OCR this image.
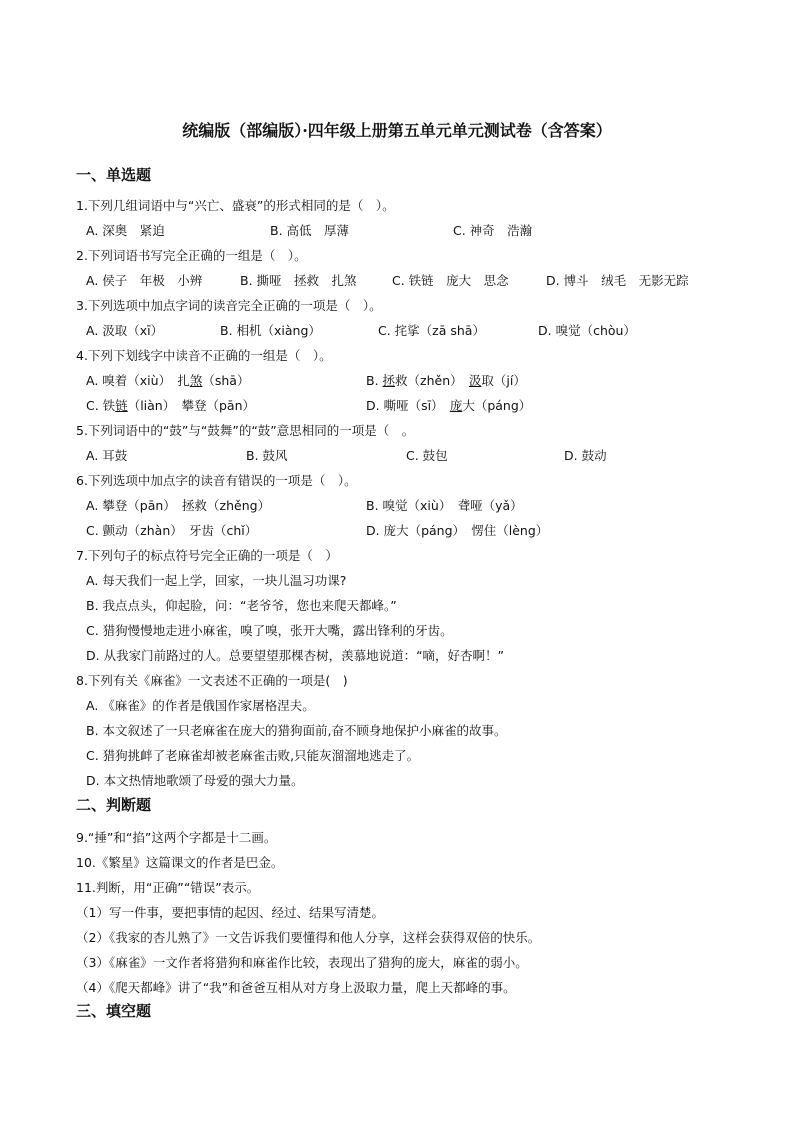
统编版（部编版）·四年级上册第五单元单元测试卷（含答案）
一、单选题
1.下列几组词语中与“兴亡、盛衰”的形式相同的是（　）。
A. 深奥　紧迫	B. 高低　厚薄	C. 神奇　浩瀚
2.下列词语书写完全正确的一组是（　）。
A. 侯子　年极　小辨	B. 撕哑　拯救　扎煞	C. 铁链　庞大　思念	D. 博斗　绒毛　无影无踪
3.下列选项中加点字词的读音完全正确的一项是（　）。
A. 汲取（xī）	B. 相机（xiàng）	C. 挓挲（zā shā）	D. 嗅觉（chòu）
4.下列下划线字中读音不正确的一组是（　）。
A. 嗅着（xiù）　扎煞（shā）	B. 拯救（zhěn）　汲取（jí）
C. 铁链（liàn）　攀登（pān）	D. 嘶哑（sī）　庞大（páng）
5.下列词语中的“鼓”与“鼓舞”的“鼓”意思相同的一项是（　。
A. 耳鼓	B. 鼓风	C. 鼓包	D. 鼓动
6.下列选项中加点字的读音有错误的一项是（　）。
A. 攀登（pān）　拯救（zhěng）	B. 嗅觉（xiù）　聋哑（yǎ）
C. 颤动（zhàn）　牙齿（chǐ）	D. 庞大（páng）　愣住（lèng）
7.下列句子的标点符号完全正确的一项是（　）
A. 每天我们一起上学，回家，一块儿温习功课?
B. 我点点头，仰起脸，问：“老爷爷，您也来爬天都峰。”
C. 猎狗慢慢地走进小麻雀，嗅了嗅，张开大嘴，露出锋利的牙齿。
D. 从我家门前路过的人。总要望望那棵杏树，羡慕地说道：“嘀，好杏啊！”
8.下列有关《麻雀》一文表述不正确的一项是(　)
A. 《麻雀》的作者是俄国作家屠格涅夫。
B. 本文叙述了一只老麻雀在庞大的猎狗面前,奋不顾身地保护小麻雀的故事。
C. 猎狗挑衅了老麻雀却被老麻雀击败,只能灰溜溜地逃走了。
D. 本文热情地歌颂了母爱的强大力量。
二、判断题
9.“捶”和“掐”这两个字都是十二画。
10.《繁星》这篇课文的作者是巴金。
11.判断，用“正确”“错误”表示。
（1）写一件事，要把事情的起因、经过、结果写清楚。
（2）《我家的杏儿熟了》一文告诉我们要懂得和他人分享，这样会获得双倍的快乐。
（3）《麻雀》一文作者将猎狗和麻雀作比较，表现出了猎狗的庞大，麻雀的弱小。
（4）《爬天都峰》讲了“我”和爸爸互相从对方身上汲取力量，爬上天都峰的事。
三、填空题
